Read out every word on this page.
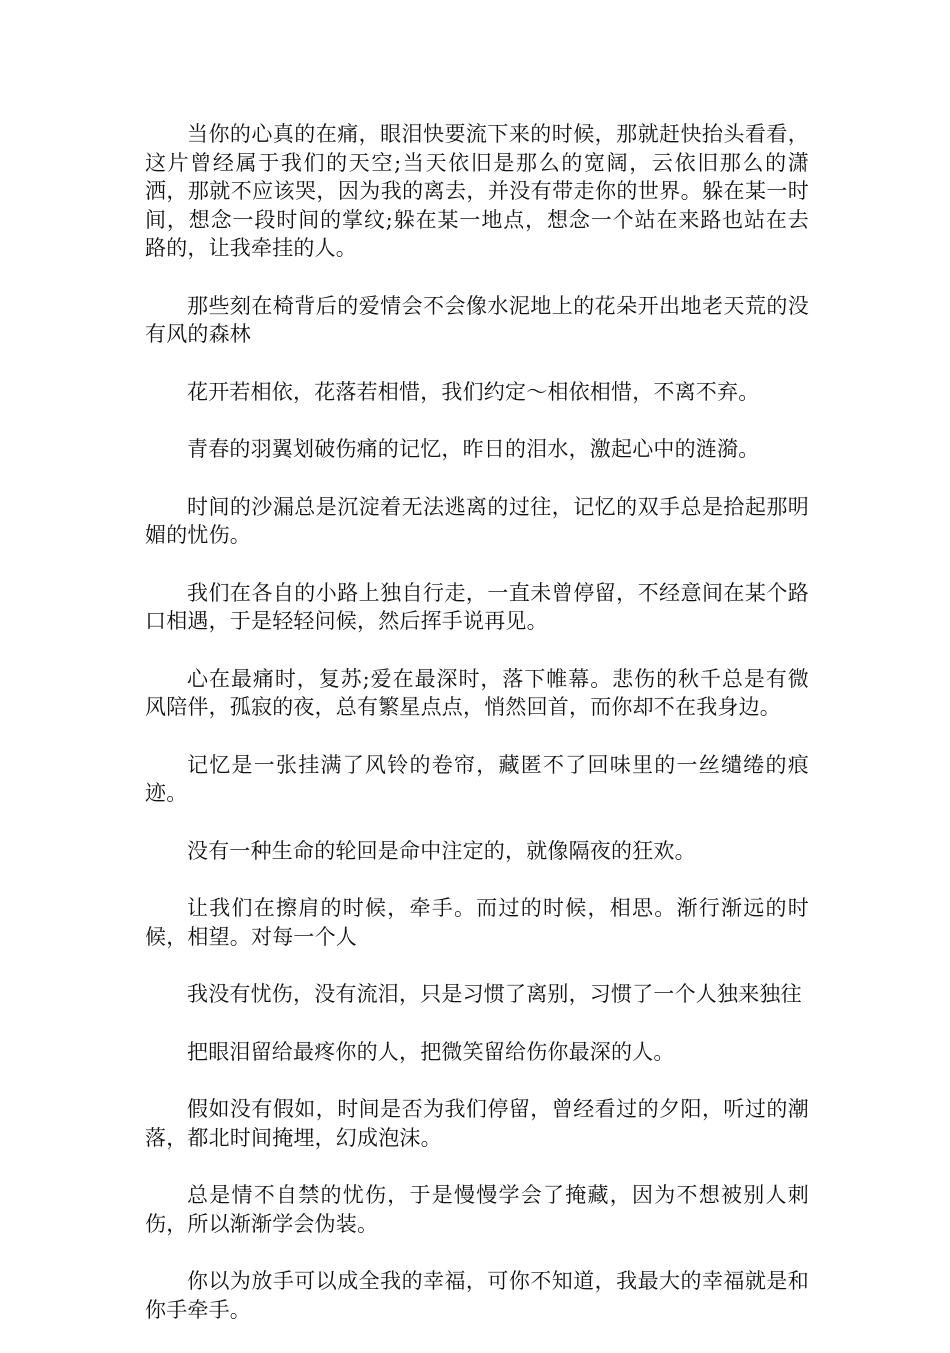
当你的心真的在痛，眼泪快要流下来的时候，那就赶快抬头看看，这片曾经属于我们的天空;当天依旧是那么的宽阔，云依旧那么的潇洒，那就不应该哭，因为我的离去，并没有带走你的世界。躲在某一时间，想念一段时间的掌纹;躲在某一地点，想念一个站在来路也站在去路的，让我牵挂的人。

那些刻在椅背后的爱情会不会像水泥地上的花朵开出地老天荒的没有风的森林

花开若相依，花落若相惜，我们约定～相依相惜，不离不弃。

青春的羽翼划破伤痛的记忆，昨日的泪水，激起心中的涟漪。

时间的沙漏总是沉淀着无法逃离的过往，记忆的双手总是拾起那明媚的忧伤。

我们在各自的小路上独自行走，一直未曾停留，不经意间在某个路口相遇，于是轻轻问候，然后挥手说再见。

心在最痛时，复苏;爱在最深时，落下帷幕。悲伤的秋千总是有微风陪伴，孤寂的夜，总有繁星点点，悄然回首，而你却不在我身边。

记忆是一张挂满了风铃的卷帘，藏匿不了回味里的一丝缱绻的痕迹。

没有一种生命的轮回是命中注定的，就像隔夜的狂欢。

让我们在擦肩的时候，牵手。而过的时候，相思。渐行渐远的时候，相望。对每一个人

我没有忧伤，没有流泪，只是习惯了离别，习惯了一个人独来独往

把眼泪留给最疼你的人，把微笑留给伤你最深的人。

假如没有假如，时间是否为我们停留，曾经看过的夕阳，听过的潮落，都北时间掩埋，幻成泡沫。

总是情不自禁的忧伤，于是慢慢学会了掩藏，因为不想被别人刺伤，所以渐渐学会伪装。

你以为放手可以成全我的幸福，可你不知道，我最大的幸福就是和你手牵手。
